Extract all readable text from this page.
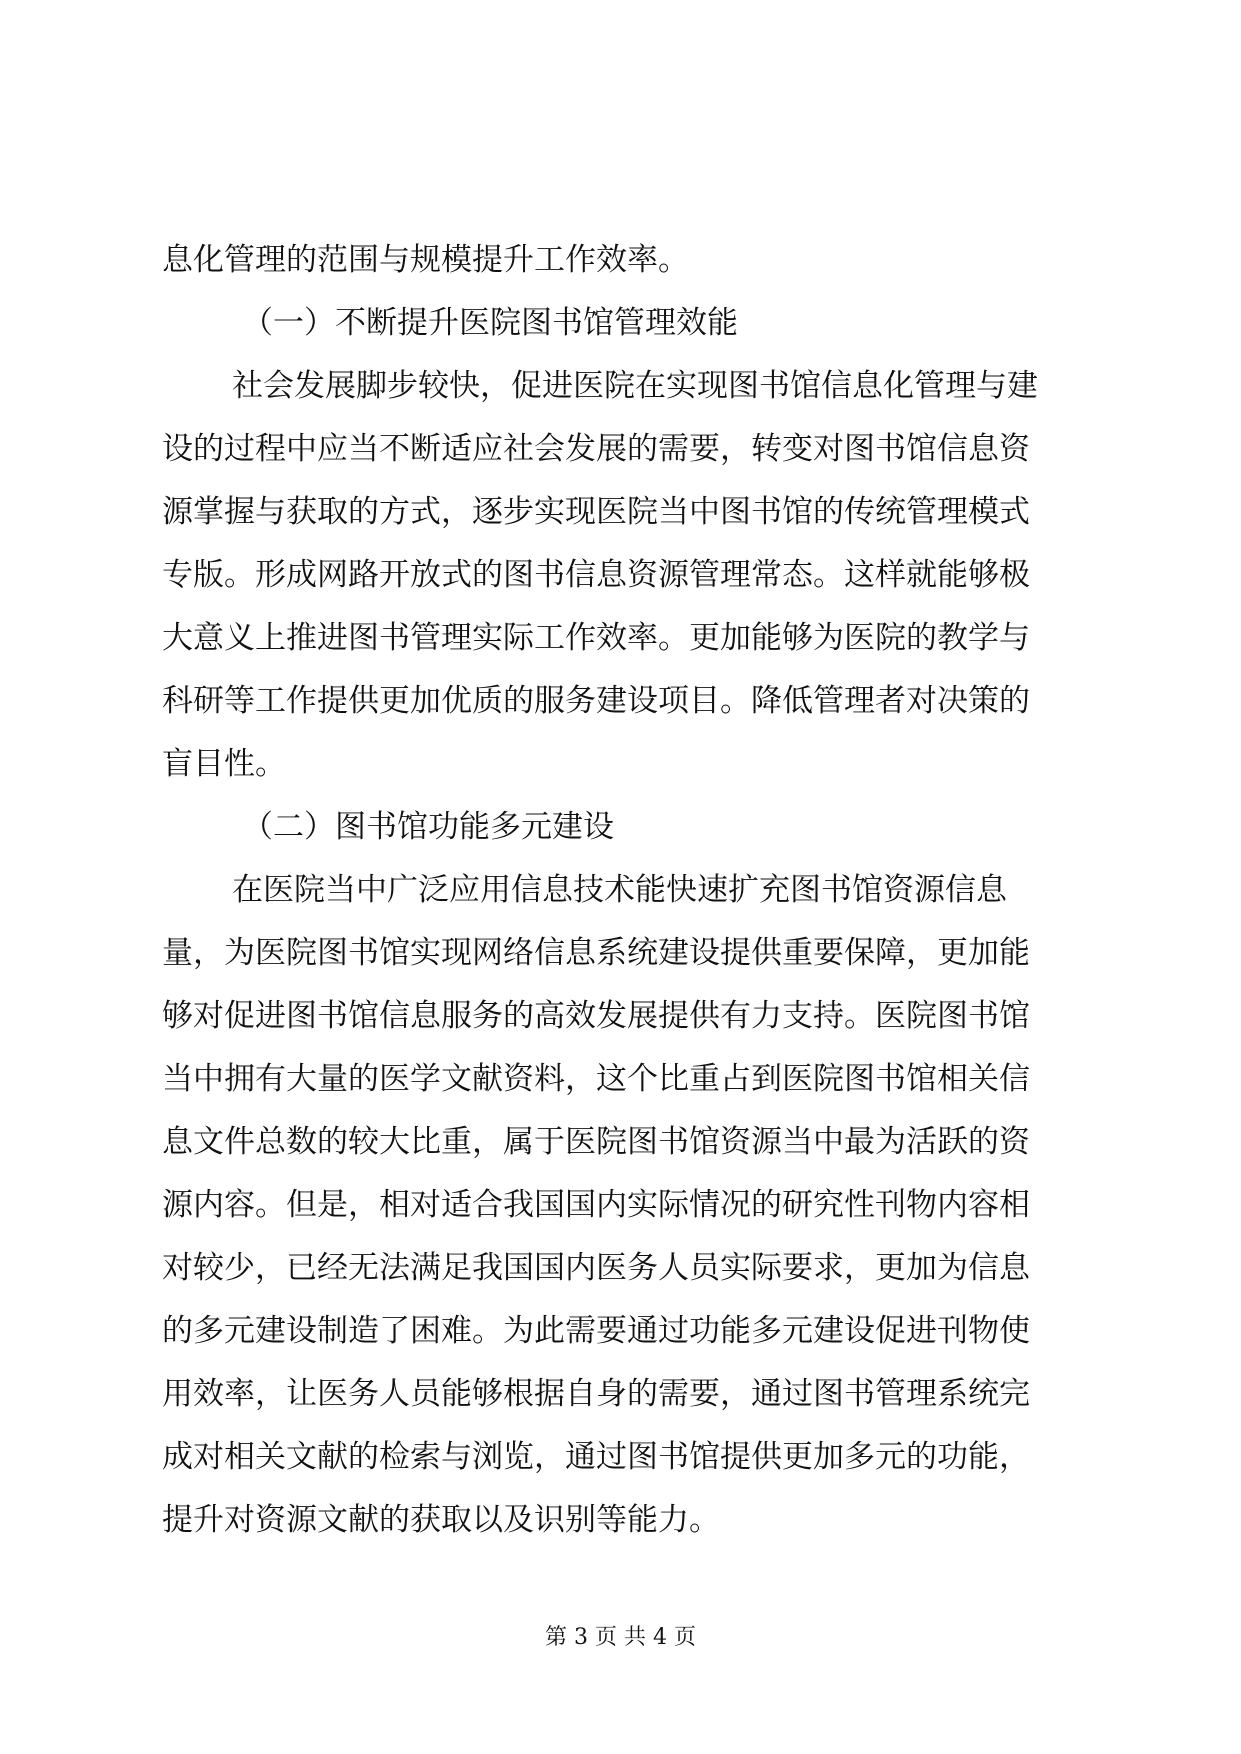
息化管理的范围与规模提升工作效率。
（一）不断提升医院图书馆管理效能
社会发展脚步较快，促进医院在实现图书馆信息化管理与建
设的过程中应当不断适应社会发展的需要，转变对图书馆信息资
源掌握与获取的方式，逐步实现医院当中图书馆的传统管理模式
专版。形成网路开放式的图书信息资源管理常态。这样就能够极
大意义上推进图书管理实际工作效率。更加能够为医院的教学与
科研等工作提供更加优质的服务建设项目。降低管理者对决策的
盲目性。
（二）图书馆功能多元建设
在医院当中广泛应用信息技术能快速扩充图书馆资源信息
量，为医院图书馆实现网络信息系统建设提供重要保障，更加能
够对促进图书馆信息服务的高效发展提供有力支持。医院图书馆
当中拥有大量的医学文献资料，这个比重占到医院图书馆相关信
息文件总数的较大比重，属于医院图书馆资源当中最为活跃的资
源内容。但是，相对适合我国国内实际情况的研究性刊物内容相
对较少，已经无法满足我国国内医务人员实际要求，更加为信息
的多元建设制造了困难。为此需要通过功能多元建设促进刊物使
用效率，让医务人员能够根据自身的需要，通过图书管理系统完
成对相关文献的检索与浏览，通过图书馆提供更加多元的功能，
提升对资源文献的获取以及识别等能力。
第 3 页 共 4 页
